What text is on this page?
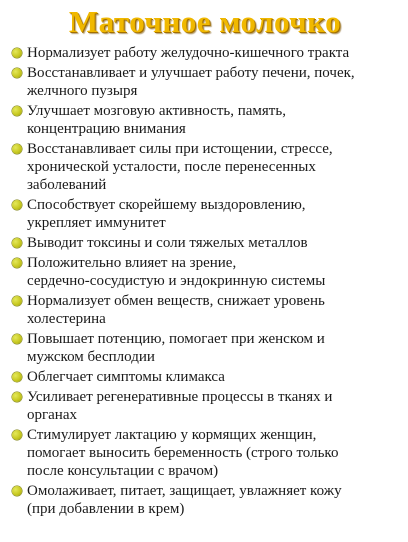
Маточное молочко
Нормализует работу желудочно-кишечного тракта
Восстанавливает и улучшает работу печени, почек,
желчного пузыря
Улучшает мозговую активность, память,
концентрацию внимания
Восстанавливает силы при истощении, стрессе,
хронической усталости, после перенесенных
заболеваний
Способствует скорейшему выздоровлению,
укрепляет иммунитет
Выводит токсины и соли тяжелых металлов
Положительно влияет на зрение,
сердечно-сосудистую и эндокринную системы
Нормализует обмен веществ, снижает уровень
холестерина
Повышает потенцию, помогает при женском и
мужском бесплодии
Облегчает симптомы климакса
Усиливает регенеративные процессы в тканях и
органах
Стимулирует лактацию у кормящих женщин,
помогает выносить беременность (строго только
после консультации с врачом)
Омолаживает, питает, защищает, увлажняет кожу
(при добавлении в крем)
